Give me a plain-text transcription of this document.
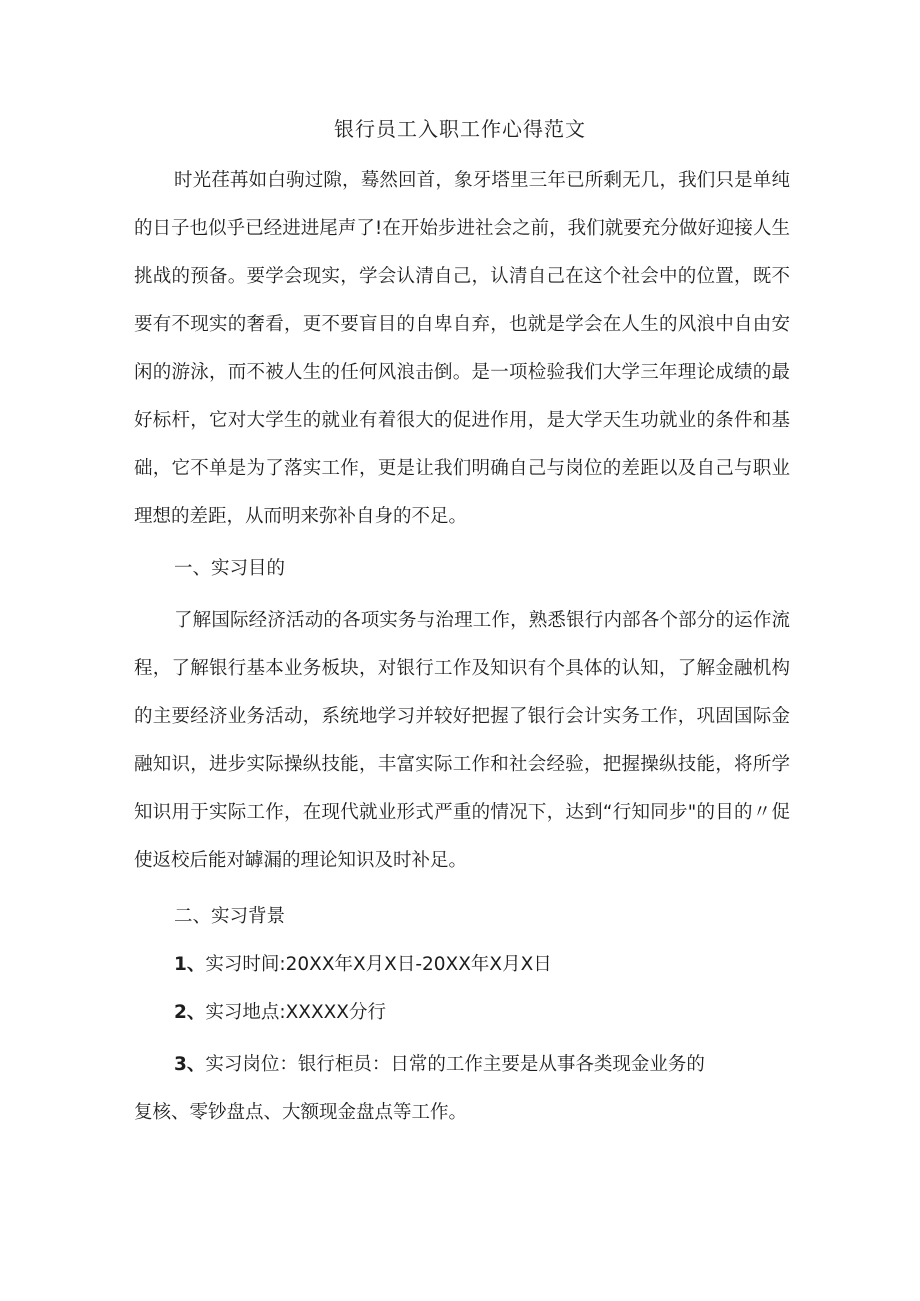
银行员工入职工作心得范文

时光荏苒如白驹过隙，蓦然回首，象牙塔里三年已所剩无几，我们只是单纯的日子也似乎已经进进尾声了!在开始步进社会之前，我们就要充分做好迎接人生挑战的预备。要学会现实，学会认清自己，认清自己在这个社会中的位置，既不要有不现实的奢看，更不要盲目的自卑自弃，也就是学会在人生的风浪中自由安闲的游泳，而不被人生的任何风浪击倒。是一项检验我们大学三年理论成绩的最好标杆，它对大学生的就业有着很大的促进作用，是大学天生功就业的条件和基础，它不单是为了落实工作，更是让我们明确自己与岗位的差距以及自己与职业理想的差距，从而明来弥补自身的不足。

一、实习目的

了解国际经济活动的各项实务与治理工作，熟悉银行内部各个部分的运作流程，了解银行基本业务板块，对银行工作及知识有个具体的认知，了解金融机构的主要经济业务活动，系统地学习并较好把握了银行会计实务工作，巩固国际金融知识，进步实际操纵技能，丰富实际工作和社会经验，把握操纵技能，将所学知识用于实际工作，在现代就业形式严重的情况下，达到“行知同步"的目的〃促使返校后能对罅漏的理论知识及时补足。

二、实习背景

1、实习时间:20XX年X月X日-20XX年X月X日

2、实习地点:XXXXX分行

3、实习岗位：银行柜员：日常的工作主要是从事各类现金业务的

复核、零钞盘点、大额现金盘点等工作。
